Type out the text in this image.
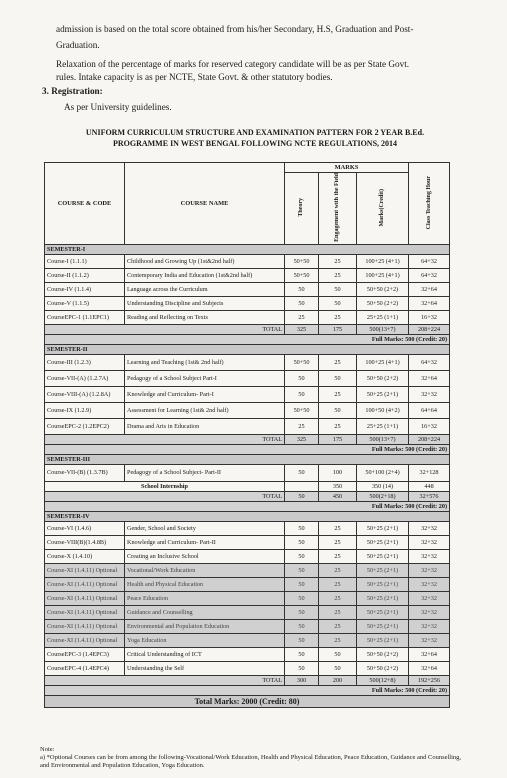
admission is based on the total score obtained from his/her Secondary, H.S, Graduation and Post-
Graduation.
Relaxation of the percentage of marks for reserved category candidate will be as per State Govt.
rules. Intake capacity is as per NCTE, State Govt. & other statutory bodies.
3. Registration:
As per University guidelines.
UNIFORM CURRICULUM STRUCTURE AND EXAMINATION PATTERN FOR 2 YEAR B.Ed.
PROGRAMME IN WEST BENGAL FOLLOWING NCTE REGULATIONS, 2014
COURSE & CODE	COURSE NAME	MARKS			Class Teaching Hour
		Theory	Engagement with the Field	Marks(Credit)	
SEMESTER-I					
Course-I (1.1.1)	Childhood and Growing Up (1st&2nd half)	50+50	25	100+25 (4+1)	64+32
Course-II (1.1.2)	Contemporary India and Education (1st&2nd half)	50+50	25	100+25 (4+1)	64+32
Course-IV (1.1.4)	Language across the Curriculum	50	50	50+50 (2+2)	32+64
Course-V (1.1.5)	Understanding Discipline and Subjects	50	50	50+50 (2+2)	32+64
CourseEPC-1 (1.1EPC1)	Reading and Reflecting on Texts	25	25	25+25 (1+1)	16+32
TOTAL		325	175	500(13+7)	208+224
Full Marks: 500 (Credit: 20)					
SEMESTER-II					
Course-III (1.2.3)	Learning and Teaching (1st& 2nd half)	50+50	25	100+25 (4+1)	64+32
Course-VII-(A) (1.2.7A)	Pedagogy of a School Subject Part-I	50	50	50+50 (2+2)	32+64
Course-VIII-(A) (1.2.8A)	Knowledge and Curriculum- Part-I	50	25	50+25 (2+1)	32+32
Course-IX (1.2.9)	Assessment for Learning (1st& 2nd half)	50+50	50	100+50 (4+2)	64+64
CourseEPC-2 (1.2EPC2)	Drama and Arts in Education	25	25	25+25 (1+1)	16+32
TOTAL		325	175	500(13+7)	208+224
Full Marks: 500 (Credit: 20)					
SEMESTER-III					
Course-VII-(B) (1.3.7B)	Pedagogy of a School Subject- Part-II	50	100	50+100 (2+4)	32+128
School Internship			350	350 (14)	448
TOTAL		50	450	500(2+18)	32+576
Full Marks: 500 (Credit: 20)					
SEMESTER-IV					
Course-VI (1.4.6)	Gender, School and Society	50	25	50+25 (2+1)	32+32
Course-VIII(B)(1.4.8B)	Knowledge and Curriculum- Part-II	50	25	50+25 (2+1)	32+32
Course-X (1.4.10)	Creating an Inclusive School	50	25	50+25 (2+1)	32+32
Course-XI (1.4.11) Optional	Vocational/Work Education	50	25	50+25 (2+1)	32+32
Course-XI (1.4.11) Optional	Health and Physical Education	50	25	50+25 (2+1)	32+32
Course-XI (1.4.11) Optional	Peace Education	50	25	50+25 (2+1)	32+32
Course-XI (1.4.11) Optional	Guidance and Counselling	50	25	50+25 (2+1)	32+32
Course-XI (1.4.11) Optional	Environmental and Population Education	50	25	50+25 (2+1)	32+32
Course-XI (1.4.11) Optional	Yoga Education	50	25	50+25 (2+1)	32+32
CourseEPC-3 (1.4EPC3)	Critical Understanding of ICT	50	50	50+50 (2+2)	32+64
CourseEPC-4 (1.4EPC4)	Understanding the Self	50	50	50+50 (2+2)	32+64
TOTAL		300	200	500(12+8)	192+256
Full Marks: 500 (Credit: 20)					
Total Marks: 2000 (Credit: 80)					
Note:
a) *Optional Courses can be from among the following-Vocational/Work Education, Health and Physical Education, Peace Education, Guidance and Counselling, and Environmental and Population Education, Yoga Education.
